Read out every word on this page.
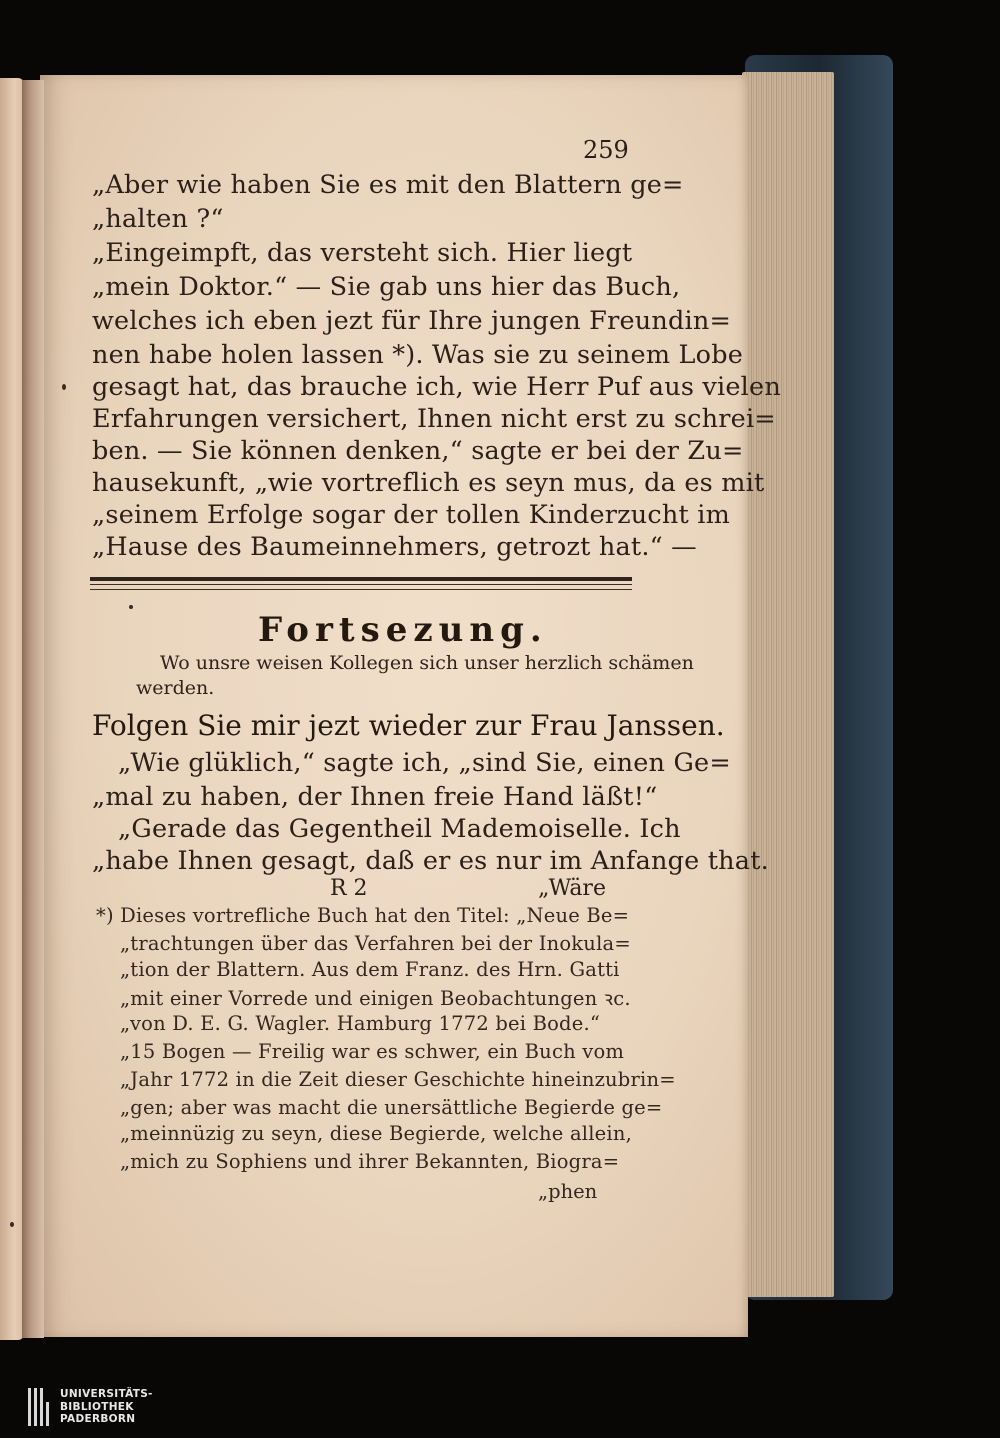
259
„Aber wie haben Sie es mit den Blattern ge=
„halten ?“
„Eingeimpft, das versteht sich. Hier liegt
„mein Doktor.“ — Sie gab uns hier das Buch,
welches ich eben jezt für Ihre jungen Freundin=
nen habe holen lassen *). Was sie zu seinem Lobe
gesagt hat, das brauche ich, wie Herr Puf aus vielen
Erfahrungen versichert, Ihnen nicht erst zu schrei=
ben. — Sie können denken,“ sagte er bei der Zu=
hausekunft, „wie vortreflich es seyn mus, da es mit
„seinem Erfolge sogar der tollen Kinderzucht im
„Hause des Baumeinnehmers, getrozt hat.“ —
Fortsezung.
Wo unsre weisen Kollegen sich unser herzlich schämen
werden.
Folgen Sie mir jezt wieder zur Frau Janssen.
„Wie glüklich,“ sagte ich, „sind Sie, einen Ge=
„mal zu haben, der Ihnen freie Hand läßt!“
„Gerade das Gegentheil Mademoiselle. Ich
„habe Ihnen gesagt, daß er es nur im Anfange that.
R 2	„Wäre
*) Dieses vortrefliche Buch hat den Titel: „Neue Be=
„trachtungen über das Verfahren bei der Inokula=
„tion der Blattern. Aus dem Franz. des Hrn. Gatti
„mit einer Vorrede und einigen Beobachtungen ꝛc.
„von D. E. G. Wagler. Hamburg 1772 bei Bode.“
„15 Bogen — Freilig war es schwer, ein Buch vom
„Jahr 1772 in die Zeit dieser Geschichte hineinzubrin=
„gen; aber was macht die unersättliche Begierde ge=
„meinnüzig zu seyn, diese Begierde, welche allein,
„mich zu Sophiens und ihrer Bekannten, Biogra=
„phen
UNIVERSITÄTS-
BIBLIOTHEK
PADERBORN
